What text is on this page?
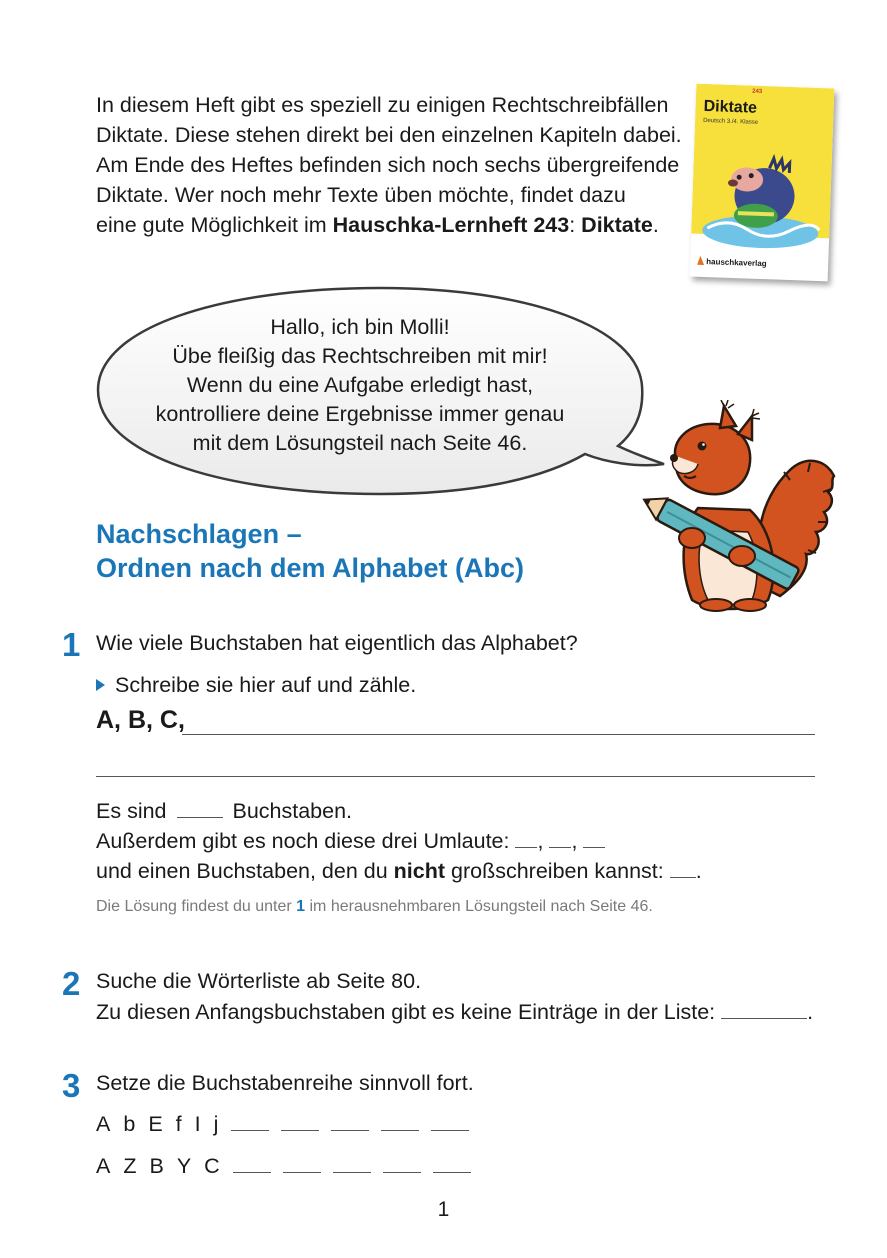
In diesem Heft gibt es speziell zu einigen Rechtschreibfällen
Diktate. Diese stehen direkt bei den einzelnen Kapiteln dabei.
Am Ende des Heftes befinden sich noch sechs übergreifende
Diktate. Wer noch mehr Texte üben möchte, findet dazu
eine gute Möglichkeit im Hauschka-Lernheft 243: Diktate.
243
Diktate
Deutsch 3./4. Klasse
hauschkaverlag
Hallo, ich bin Molli!
Übe fleißig das Rechtschreiben mit mir!
Wenn du eine Aufgabe erledigt hast,
kontrolliere deine Ergebnisse immer genau
mit dem Lösungsteil nach Seite 46.
Nachschlagen –
Ordnen nach dem Alphabet (Abc)
1 Wie viele Buchstaben hat eigentlich das Alphabet?
Schreibe sie hier auf und zähle.
A, B, C,
Es sind	Buchstaben.
Außerdem gibt es noch diese drei Umlaute: , ,
und einen Buchstaben, den du nicht großschreiben kannst: .
Die Lösung findest du unter 1 im herausnehmbaren Lösungsteil nach Seite 46.
2 Suche die Wörterliste ab Seite 80.
Zu diesen Anfangsbuchstaben gibt es keine Einträge in der Liste:	.
3 Setze die Buchstabenreihe sinnvoll fort.
A b E f I j
A Z B Y C
1
